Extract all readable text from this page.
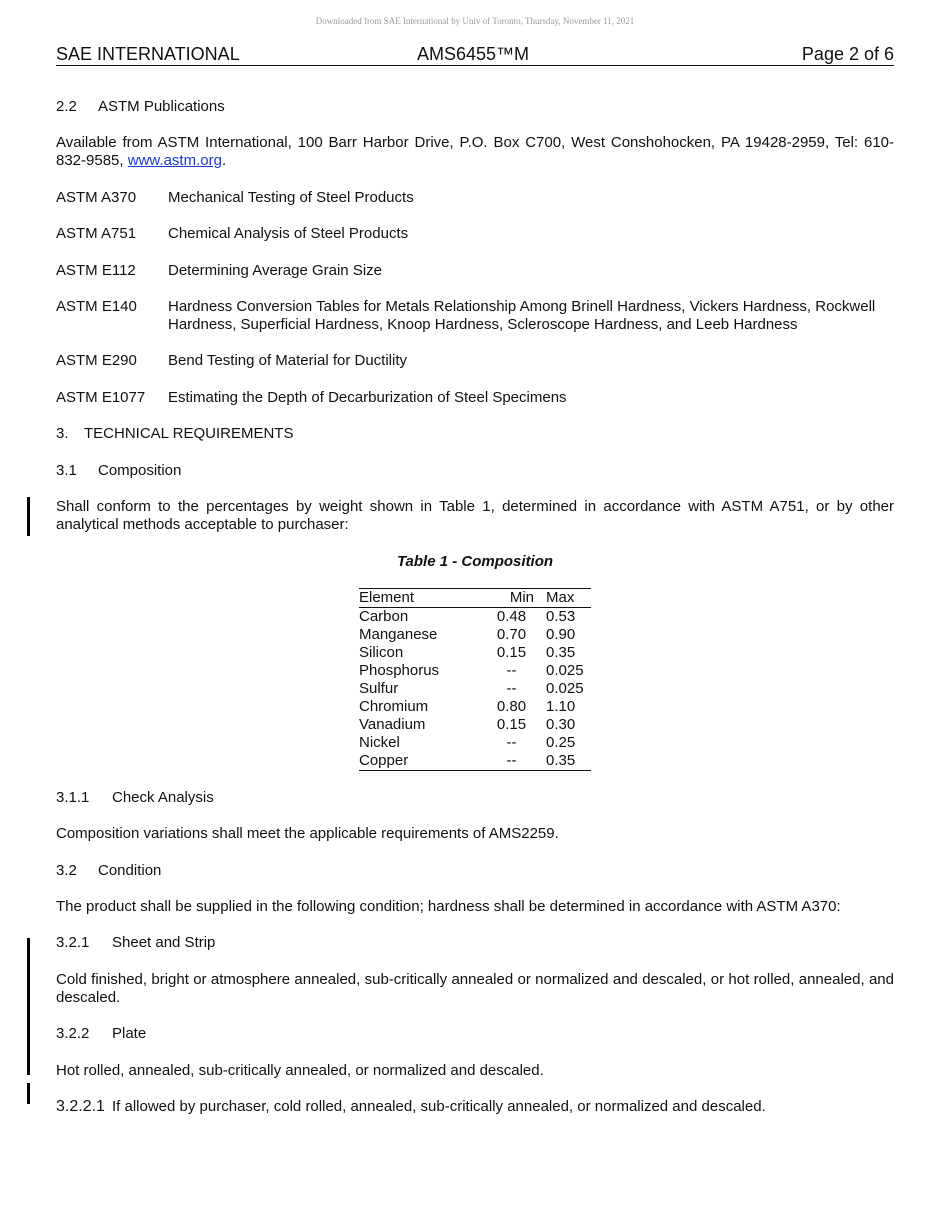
Downloaded from SAE International by Univ of Toronto, Thursday, November 11, 2021
SAE INTERNATIONAL	AMS6455™M	Page 2 of 6
2.2 ASTM Publications
Available from ASTM International, 100 Barr Harbor Drive, P.O. Box C700, West Conshohocken, PA 19428-2959, Tel: 610-832-9585, www.astm.org.
ASTM A370 Mechanical Testing of Steel Products
ASTM A751 Chemical Analysis of Steel Products
ASTM E112 Determining Average Grain Size
ASTM E140 Hardness Conversion Tables for Metals Relationship Among Brinell Hardness, Vickers Hardness, Rockwell Hardness, Superficial Hardness, Knoop Hardness, Scleroscope Hardness, and Leeb Hardness
ASTM E290 Bend Testing of Material for Ductility
ASTM E1077 Estimating the Depth of Decarburization of Steel Specimens
3. TECHNICAL REQUIREMENTS
3.1 Composition
Shall conform to the percentages by weight shown in Table 1, determined in accordance with ASTM A751, or by other analytical methods acceptable to purchaser:
Table 1 - Composition
Element	Min	Max
Carbon	0.48	0.53
Manganese	0.70	0.90
Silicon	0.15	0.35
Phosphorus	--	0.025
Sulfur	--	0.025
Chromium	0.80	1.10
Vanadium	0.15	0.30
Nickel	--	0.25
Copper	--	0.35
3.1.1 Check Analysis
Composition variations shall meet the applicable requirements of AMS2259.
3.2 Condition
The product shall be supplied in the following condition; hardness shall be determined in accordance with ASTM A370:
3.2.1 Sheet and Strip
Cold finished, bright or atmosphere annealed, sub-critically annealed or normalized and descaled, or hot rolled, annealed, and descaled.
3.2.2 Plate
Hot rolled, annealed, sub-critically annealed, or normalized and descaled.
3.2.2.1 If allowed by purchaser, cold rolled, annealed, sub-critically annealed, or normalized and descaled.
